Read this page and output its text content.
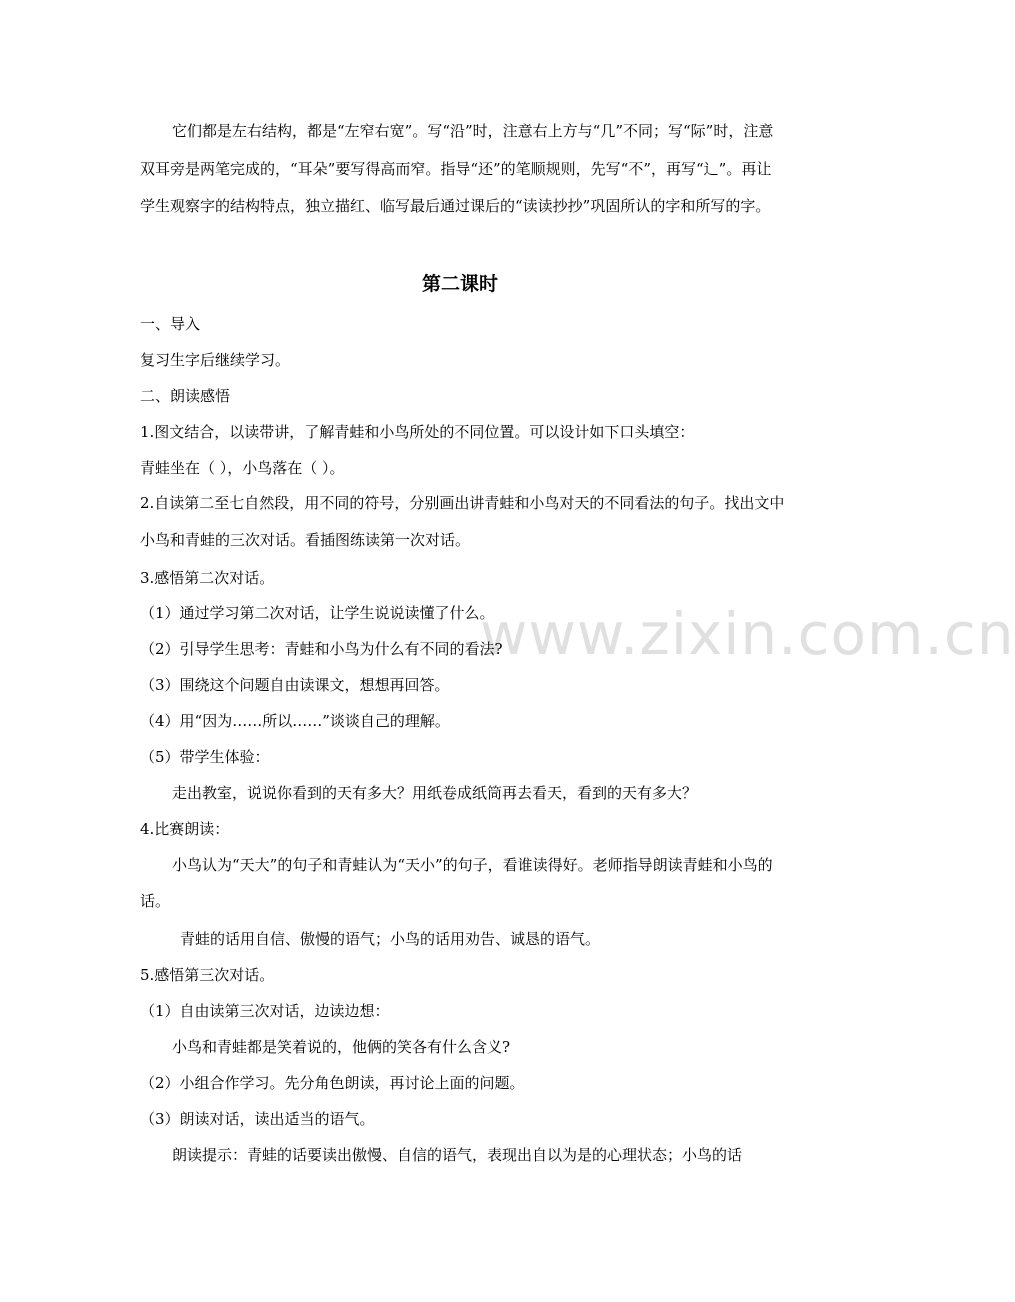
www.zixin.com.cn

它们都是左右结构，都是“左窄右宽”。写“沿”时，注意右上方与“几”不同；写“际”时，注意双耳旁是两笔完成的，“耳朵”要写得高而窄。指导“还”的笔顺规则，先写“不”，再写“辶”。再让学生观察字的结构特点，独立描红、临写最后通过课后的“读读抄抄”巩固所认的字和所写的字。

第二课时

一、导入

复习生字后继续学习。

二、朗读感悟

1.图文结合，以读带讲，了解青蛙和小鸟所处的不同位置。可以设计如下口头填空：

青蛙坐在（ ），小鸟落在（ ）。

2.自读第二至七自然段，用不同的符号，分别画出讲青蛙和小鸟对天的不同看法的句子。找出文中小鸟和青蛙的三次对话。看插图练读第一次对话。

3.感悟第二次对话。

（1）通过学习第二次对话，让学生说说读懂了什么。

（2）引导学生思考：青蛙和小鸟为什么有不同的看法?

（3）围绕这个问题自由读课文，想想再回答。

（4）用“因为……所以……”谈谈自己的理解。

（5）带学生体验：

走出教室，说说你看到的天有多大？用纸卷成纸筒再去看天，看到的天有多大？

4.比赛朗读：

小鸟认为“天大”的句子和青蛙认为“天小”的句子，看谁读得好。老师指导朗读青蛙和小鸟的话。

青蛙的话用自信、傲慢的语气；小鸟的话用劝告、诚恳的语气。

5.感悟第三次对话。

（1）自由读第三次对话，边读边想：

小鸟和青蛙都是笑着说的，他俩的笑各有什么含义?

（2）小组合作学习。先分角色朗读，再讨论上面的问题。

（3）朗读对话，读出适当的语气。

朗读提示：青蛙的话要读出傲慢、自信的语气，表现出自以为是的心理状态；小鸟的话
